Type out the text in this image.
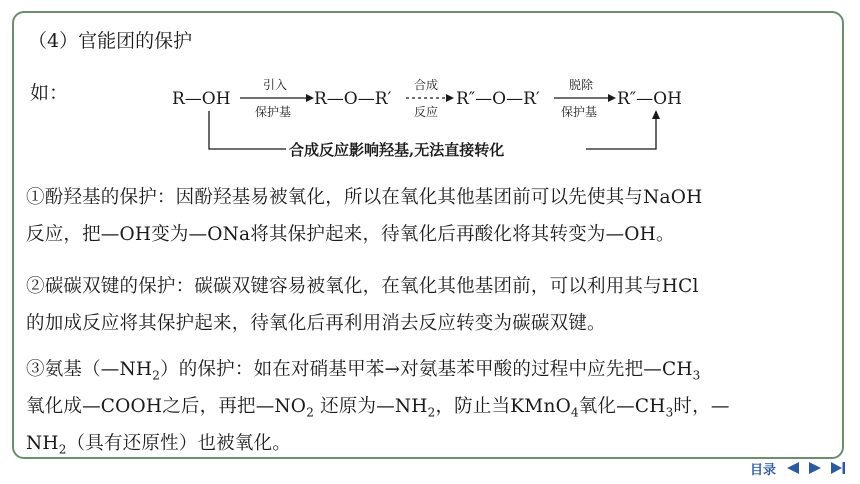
（4）官能团的保护
如：	R—OH
引入
保护基
R—O—R′
合成
反应
R″—O—R′
脱除
保护基
R″—OH
合成反应影响羟基,无法直接转化
①酚羟基的保护：因酚羟基易被氧化，所以在氧化其他基团前可以先使其与NaOH
反应，把—OH变为—ONa将其保护起来，待氧化后再酸化将其转变为—OH。
②碳碳双键的保护：碳碳双键容易被氧化，在氧化其他基团前，可以利用其与HCl
的加成反应将其保护起来，待氧化后再利用消去反应转变为碳碳双键。
③氨基$(—NH_2)$的保护：如在对硝基甲苯→对氨基苯甲酸的过程中应先把$—CH_3$
氧化成—COOH之后，再把$—NO_2$ 还原为$—NH_2$，防止当KMnO$_4$氧化$—CH_3$时，—
$NH_2$（具有还原性）也被氧化。
目录
